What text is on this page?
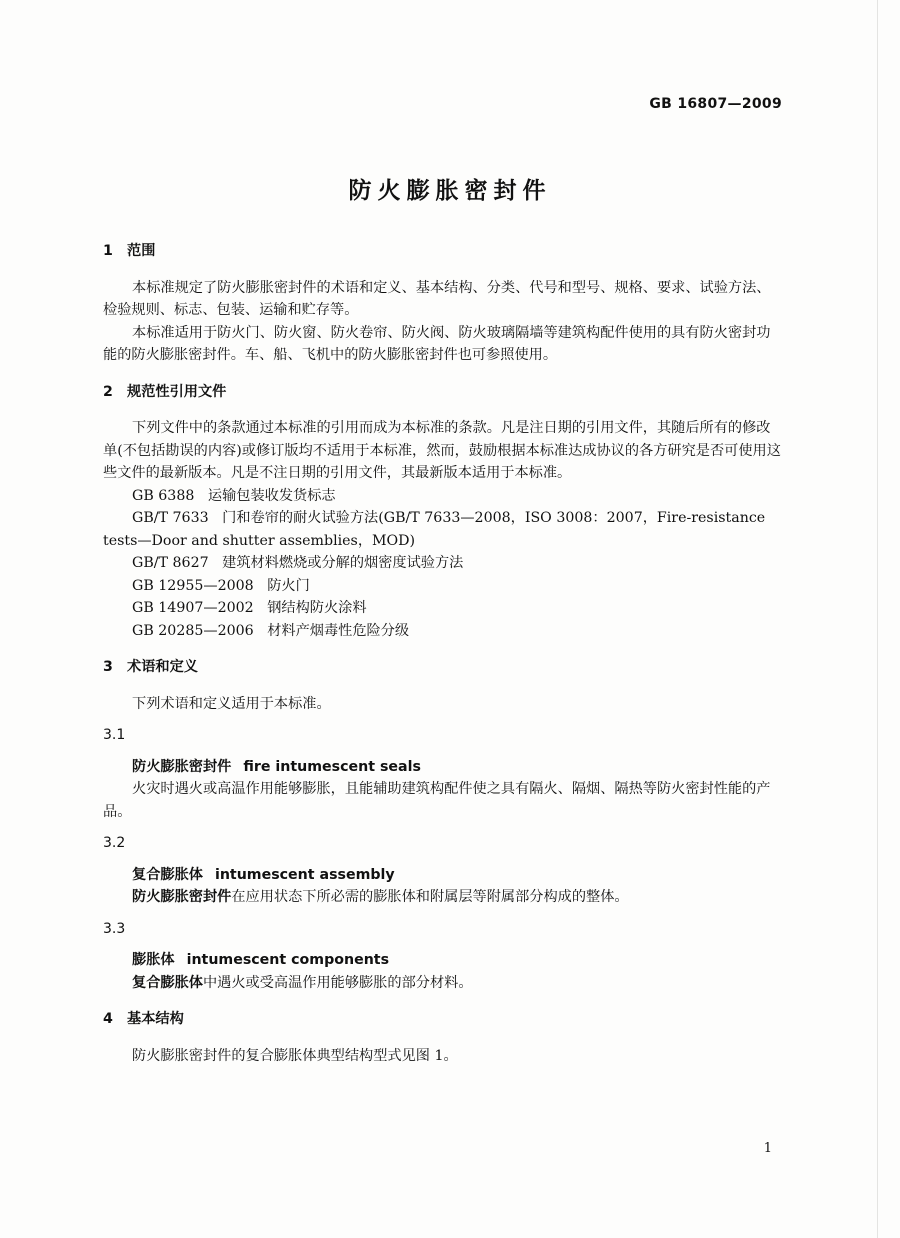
GB 16807—2009
防火膨胀密封件

1 范围

本标准规定了防火膨胀密封件的术语和定义、基本结构、分类、代号和型号、规格、要求、试验方法、检验规则、标志、包装、运输和贮存等。

本标准适用于防火门、防火窗、防火卷帘、防火阀、防火玻璃隔墙等建筑构配件使用的具有防火密封功能的防火膨胀密封件。车、船、飞机中的防火膨胀密封件也可参照使用。

2 规范性引用文件

下列文件中的条款通过本标准的引用而成为本标准的条款。凡是注日期的引用文件，其随后所有的修改单(不包括勘误的内容)或修订版均不适用于本标准，然而，鼓励根据本标准达成协议的各方研究是否可使用这些文件的最新版本。凡是不注日期的引用文件，其最新版本适用于本标准。

GB 6388 运输包装收发货标志

GB/T 7633 门和卷帘的耐火试验方法(GB/T 7633—2008，ISO 3008：2007，Fire-resistance tests—Door and shutter assemblies，MOD)

GB/T 8627 建筑材料燃烧或分解的烟密度试验方法

GB 12955—2008 防火门

GB 14907—2002 钢结构防火涂料

GB 20285—2006 材料产烟毒性危险分级

3 术语和定义

下列术语和定义适用于本标准。

3.1

防火膨胀密封件 fire intumescent seals

火灾时遇火或高温作用能够膨胀，且能辅助建筑构配件使之具有隔火、隔烟、隔热等防火密封性能的产品。

3.2

复合膨胀体 intumescent assembly

防火膨胀密封件在应用状态下所必需的膨胀体和附属层等附属部分构成的整体。

3.3

膨胀体 intumescent components

复合膨胀体中遇火或受高温作用能够膨胀的部分材料。

4 基本结构

防火膨胀密封件的复合膨胀体典型结构型式见图 1。

1
